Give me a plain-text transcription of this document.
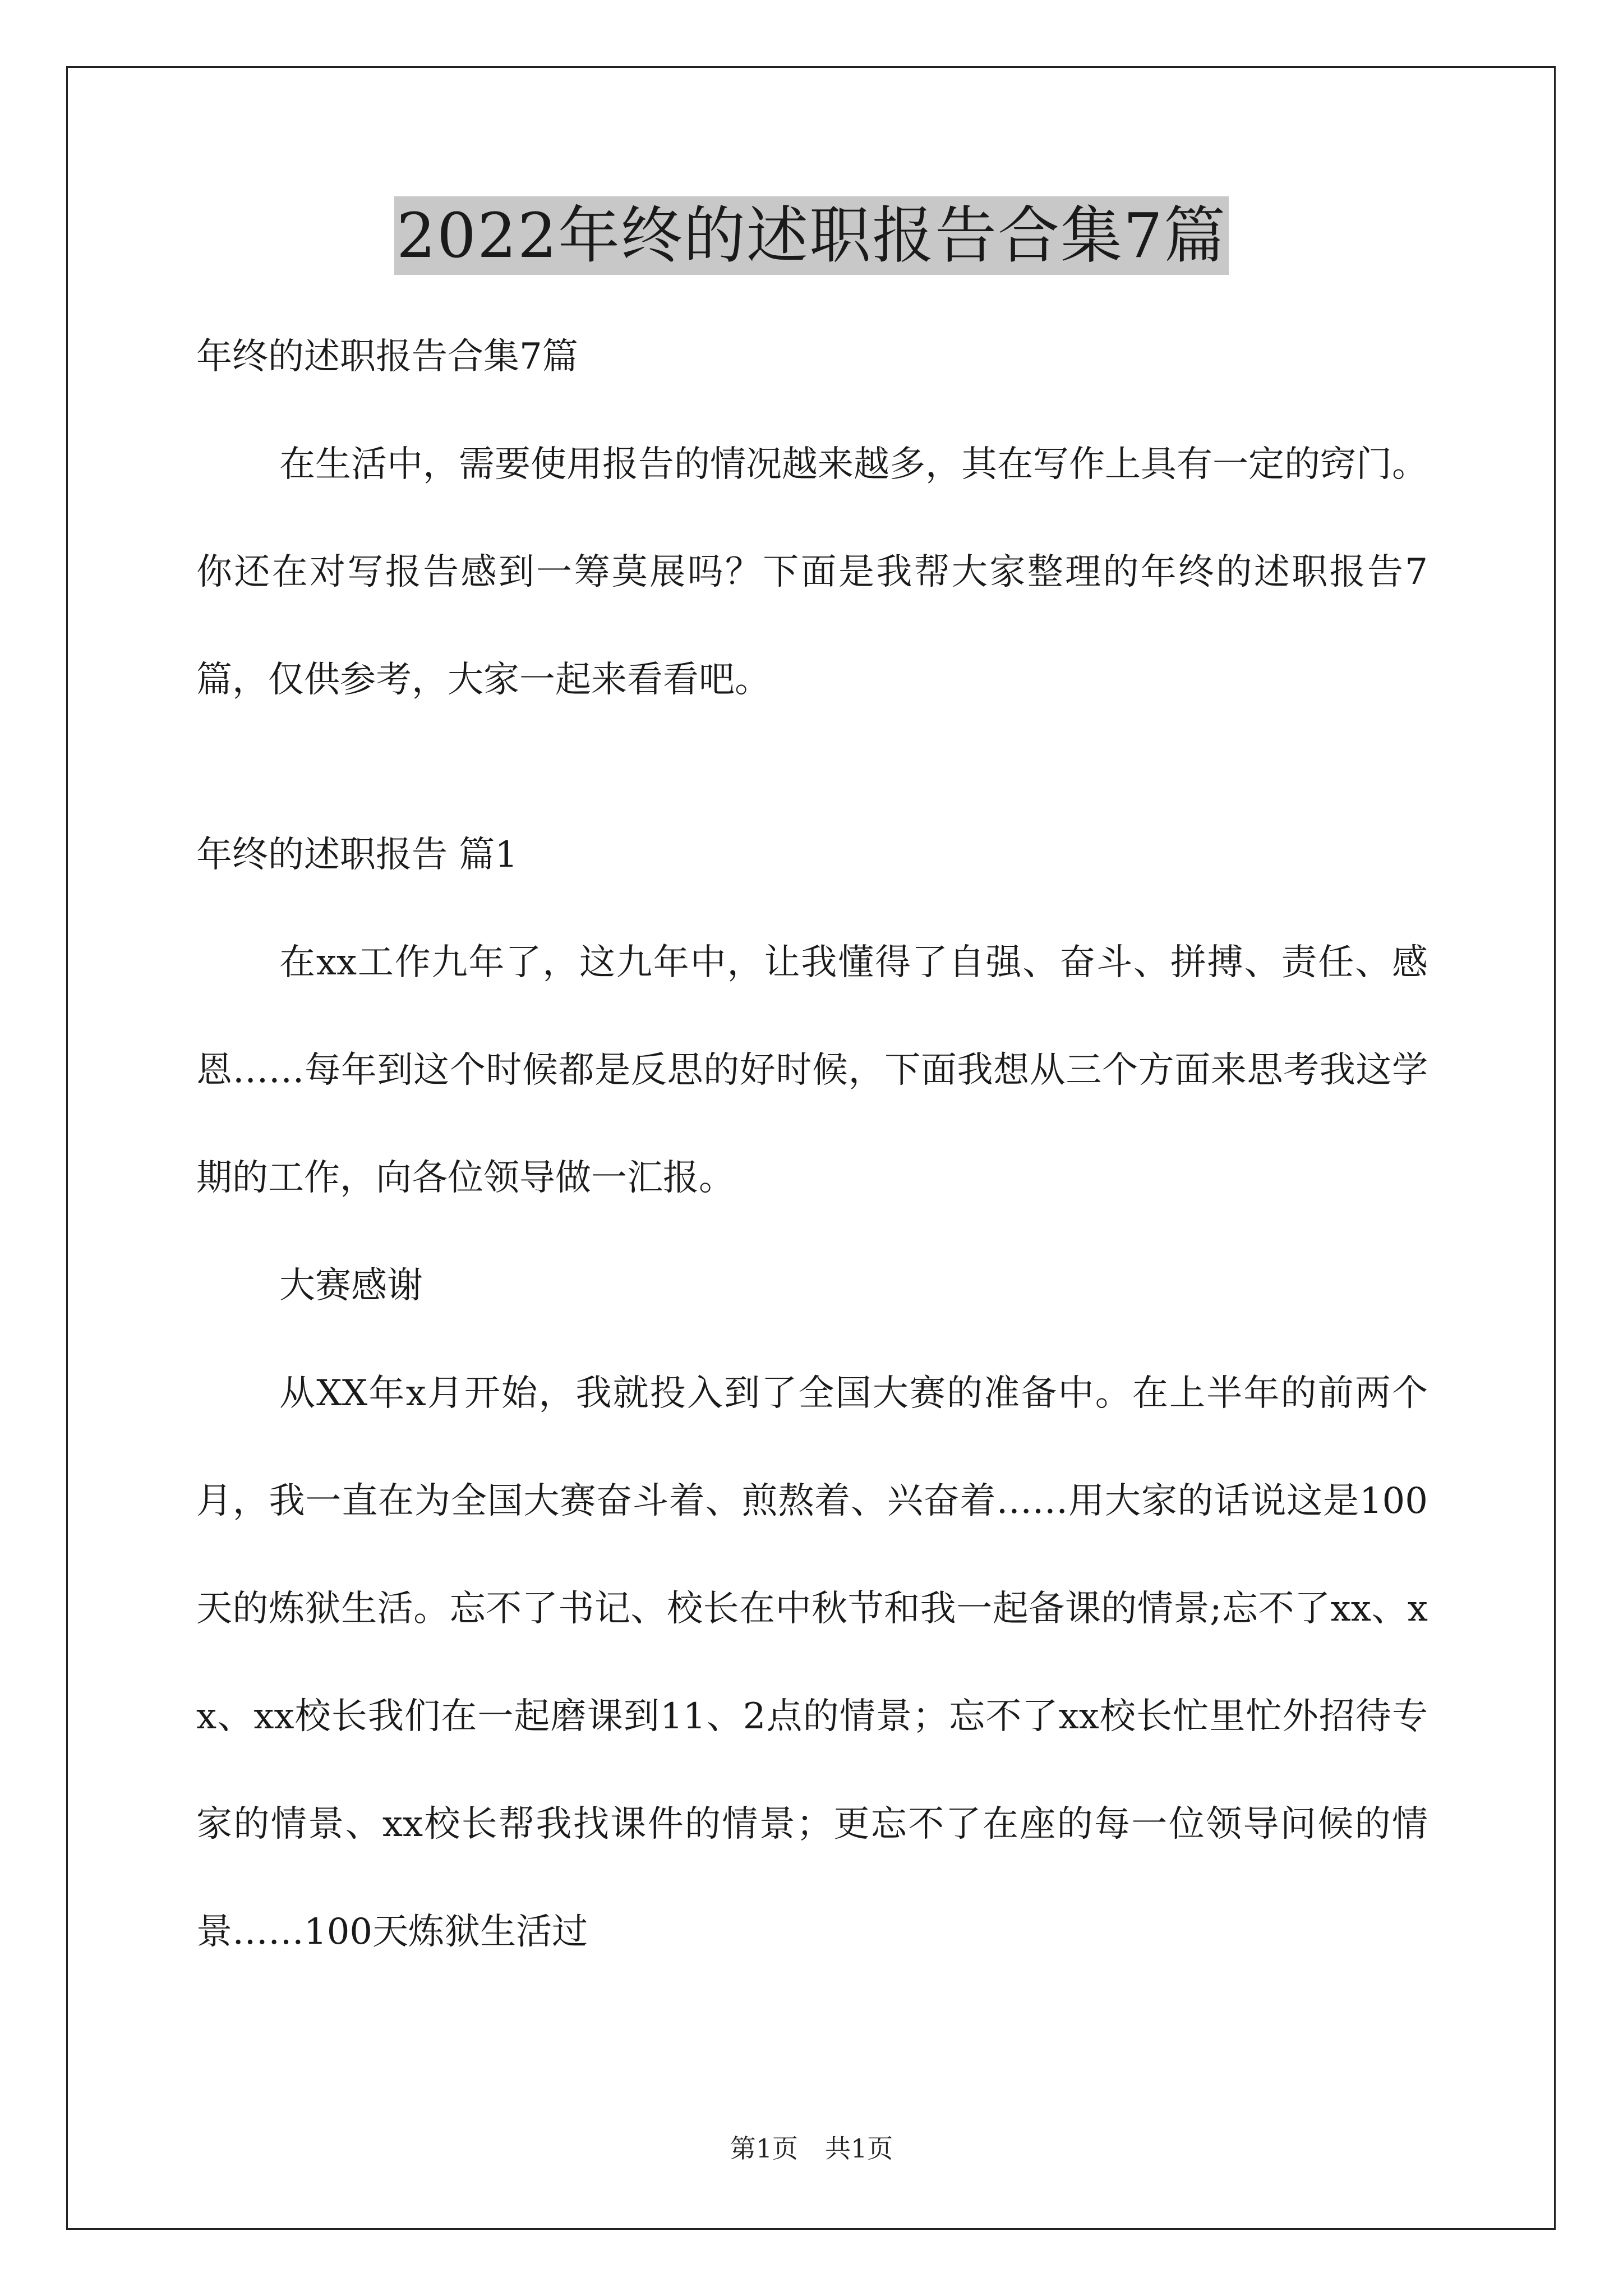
2022年终的述职报告合集7篇

年终的述职报告合集7篇

在生活中，需要使用报告的情况越来越多，其在写作上具有一定的窍门。你还在对写报告感到一筹莫展吗？下面是我帮大家整理的年终的述职报告7篇，仅供参考，大家一起来看看吧。

年终的述职报告 篇1

在xx工作九年了，这九年中，让我懂得了自强、奋斗、拼搏、责任、感恩……每年到这个时候都是反思的好时候，下面我想从三个方面来思考我这学期的工作，向各位领导做一汇报。

大赛感谢

从XX年x月开始，我就投入到了全国大赛的准备中。在上半年的前两个月，我一直在为全国大赛奋斗着、煎熬着、兴奋着……用大家的话说这是100天的炼狱生活。忘不了书记、校长在中秋节和我一起备课的情景;忘不了xx、xx、xx校长我们在一起磨课到11、2点的情景；忘不了xx校长忙里忙外招待专家的情景、xx校长帮我找课件的情景；更忘不了在座的每一位领导问候的情景……100天炼狱生活过

第1页 共1页
